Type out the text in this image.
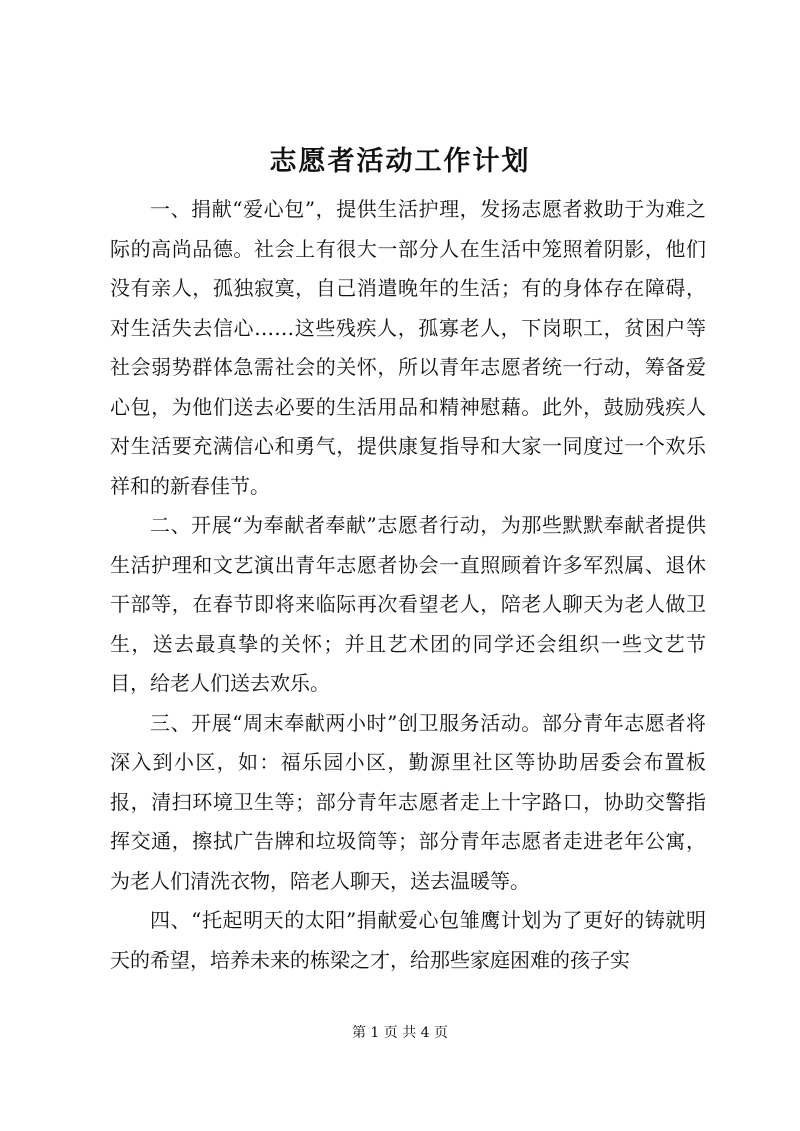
志愿者活动工作计划

一、捐献“爱心包”，提供生活护理，发扬志愿者救助于为难之际的高尚品德。社会上有很大一部分人在生活中笼照着阴影，他们没有亲人，孤独寂寞，自己消遣晚年的生活；有的身体存在障碍，对生活失去信心……这些残疾人，孤寡老人，下岗职工，贫困户等社会弱势群体急需社会的关怀，所以青年志愿者统一行动，筹备爱心包，为他们送去必要的生活用品和精神慰藉。此外，鼓励残疾人对生活要充满信心和勇气，提供康复指导和大家一同度过一个欢乐祥和的新春佳节。

二、开展“为奉献者奉献”志愿者行动，为那些默默奉献者提供生活护理和文艺演出青年志愿者协会一直照顾着许多军烈属、退休干部等，在春节即将来临际再次看望老人，陪老人聊天为老人做卫生，送去最真挚的关怀；并且艺术团的同学还会组织一些文艺节目，给老人们送去欢乐。

三、开展“周末奉献两小时”创卫服务活动。部分青年志愿者将深入到小区，如：福乐园小区，勤源里社区等协助居委会布置板报，清扫环境卫生等；部分青年志愿者走上十字路口，协助交警指挥交通，擦拭广告牌和垃圾筒等；部分青年志愿者走进老年公寓，为老人们清洗衣物，陪老人聊天，送去温暖等。

四、“托起明天的太阳”捐献爱心包雏鹰计划为了更好的铸就明天的希望，培养未来的栋梁之才，给那些家庭困难的孩子实

第 1 页 共 4 页
